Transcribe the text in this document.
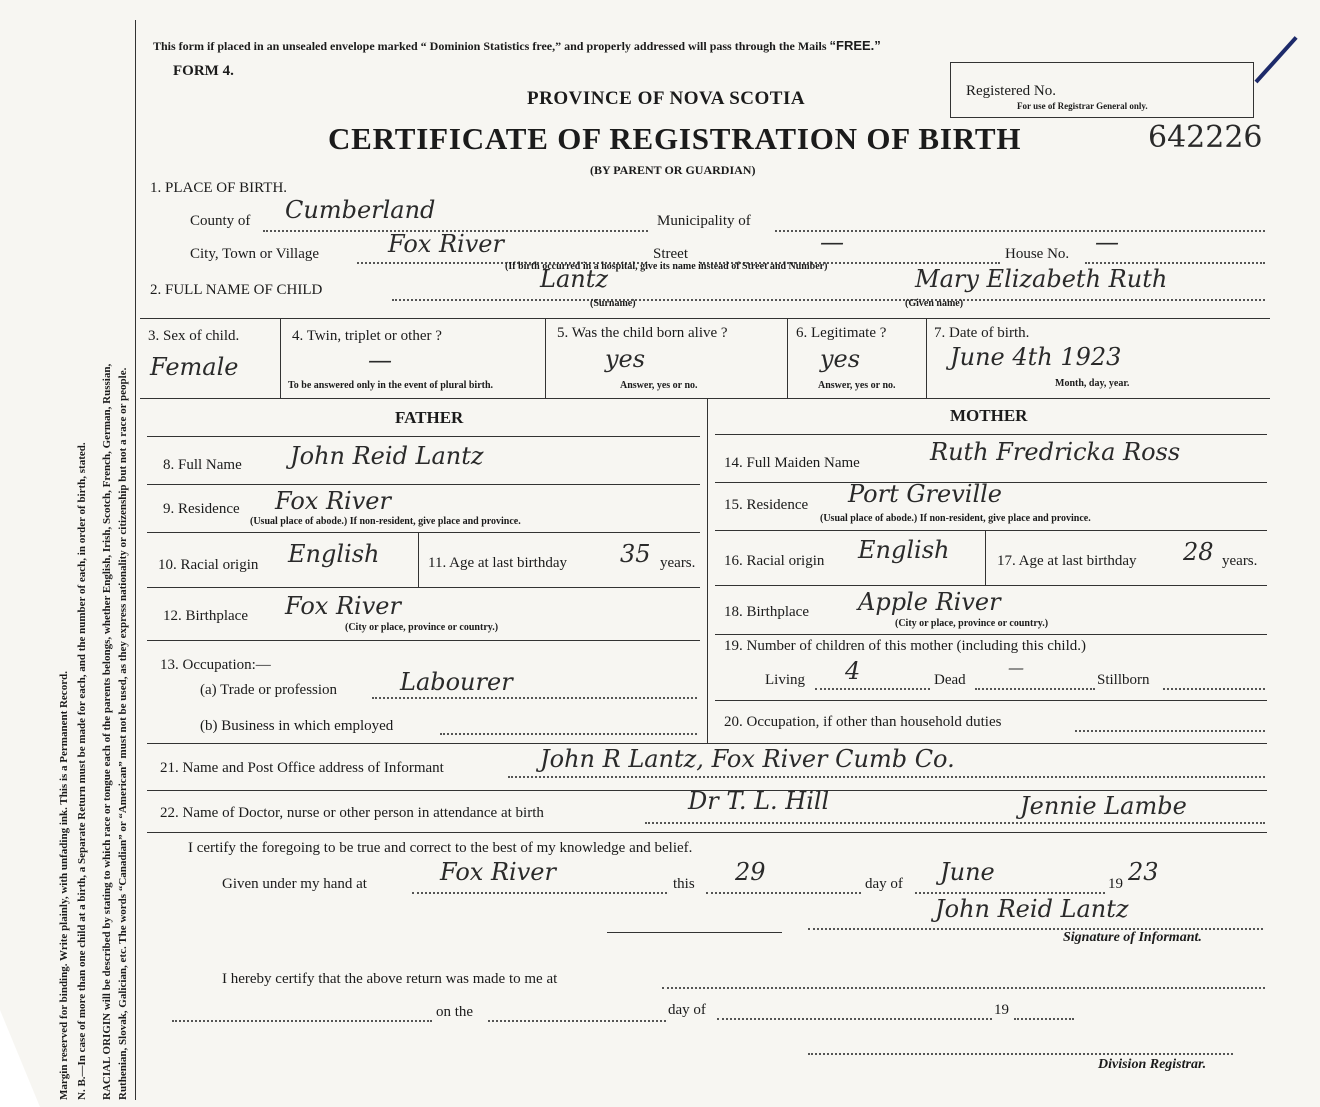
Margin reserved for binding. Write plainly, with unfading ink. This is a Permanent Record. N. B.—In case of more than one child at a birth, a Separate Return must be made for each, and the number of each, in order of birth, stated. RACIAL ORIGIN will be described by stating to which race or tongue each of the parents belongs, whether English, Irish, Scotch, French, German, Russian, Ruthenian, Slovak, Galician, etc. The words “Canadian” or “American” must not be used, as they express nationality or citizenship but not a race or people.
This form if placed in an unsealed envelope marked “ Dominion Statistics free,” and properly addressed will pass through the Mails “FREE.”
FORM 4.
PROVINCE OF NOVA SCOTIA
CERTIFICATE OF REGISTRATION OF BIRTH
(BY PARENT OR GUARDIAN)
Registered No.
For use of Registrar General only.
642226
1. PLACE OF BIRTH.
County of Cumberland	Municipality of
City, Town or Village	Fox River	Street	—	House No. —
(If birth occurred in a hospital, give its name instead of Street and Number)
2. FULL NAME OF CHILD	Lantz
(Surname)
Mary Elizabeth Ruth
(Given name)
3. Sex of child.
Female
4. Twin, triplet or other ?
—
To be answered only in the event of plural birth.
5. Was the child born alive ?
yes
Answer, yes or no.
6. Legitimate ?
yes
Answer, yes or no.
7. Date of birth.
June 4th 1923
Month, day, year.
FATHER	MOTHER
8. Full Name John Reid Lantz
9. Residence Fox River
(Usual place of abode.) If non-resident, give place and province.
10. Racial origin English	11. Age at last birthday 35 years.
12. Birthplace Fox River
(City or place, province or country.)
13. Occupation:—
(a) Trade or profession	Labourer
(b) Business in which employed
14. Full Maiden Name	Ruth Fredricka Ross
15. Residence Port Greville
(Usual place of abode.) If non-resident, give place and province.
16. Racial origin English	17. Age at last birthday 28 years.
18. Birthplace Apple River
(City or place, province or country.)
19. Number of children of this mother (including this child.)
Living 4	Dead
—
Stillborn
20. Occupation, if other than household duties
21. Name and Post Office address of Informant	John R Lantz, Fox River Cumb Co.
22. Name of Doctor, nurse or other person in attendance at birth	Dr T. L. Hill	Jennie Lambe
I certify the foregoing to be true and correct to the best of my knowledge and belief.
Given under my hand at	Fox River	this 29	day of June	19 23
John Reid Lantz
Signature of Informant.
I hereby certify that the above return was made to me at
on the	day of	19
Division Registrar.
